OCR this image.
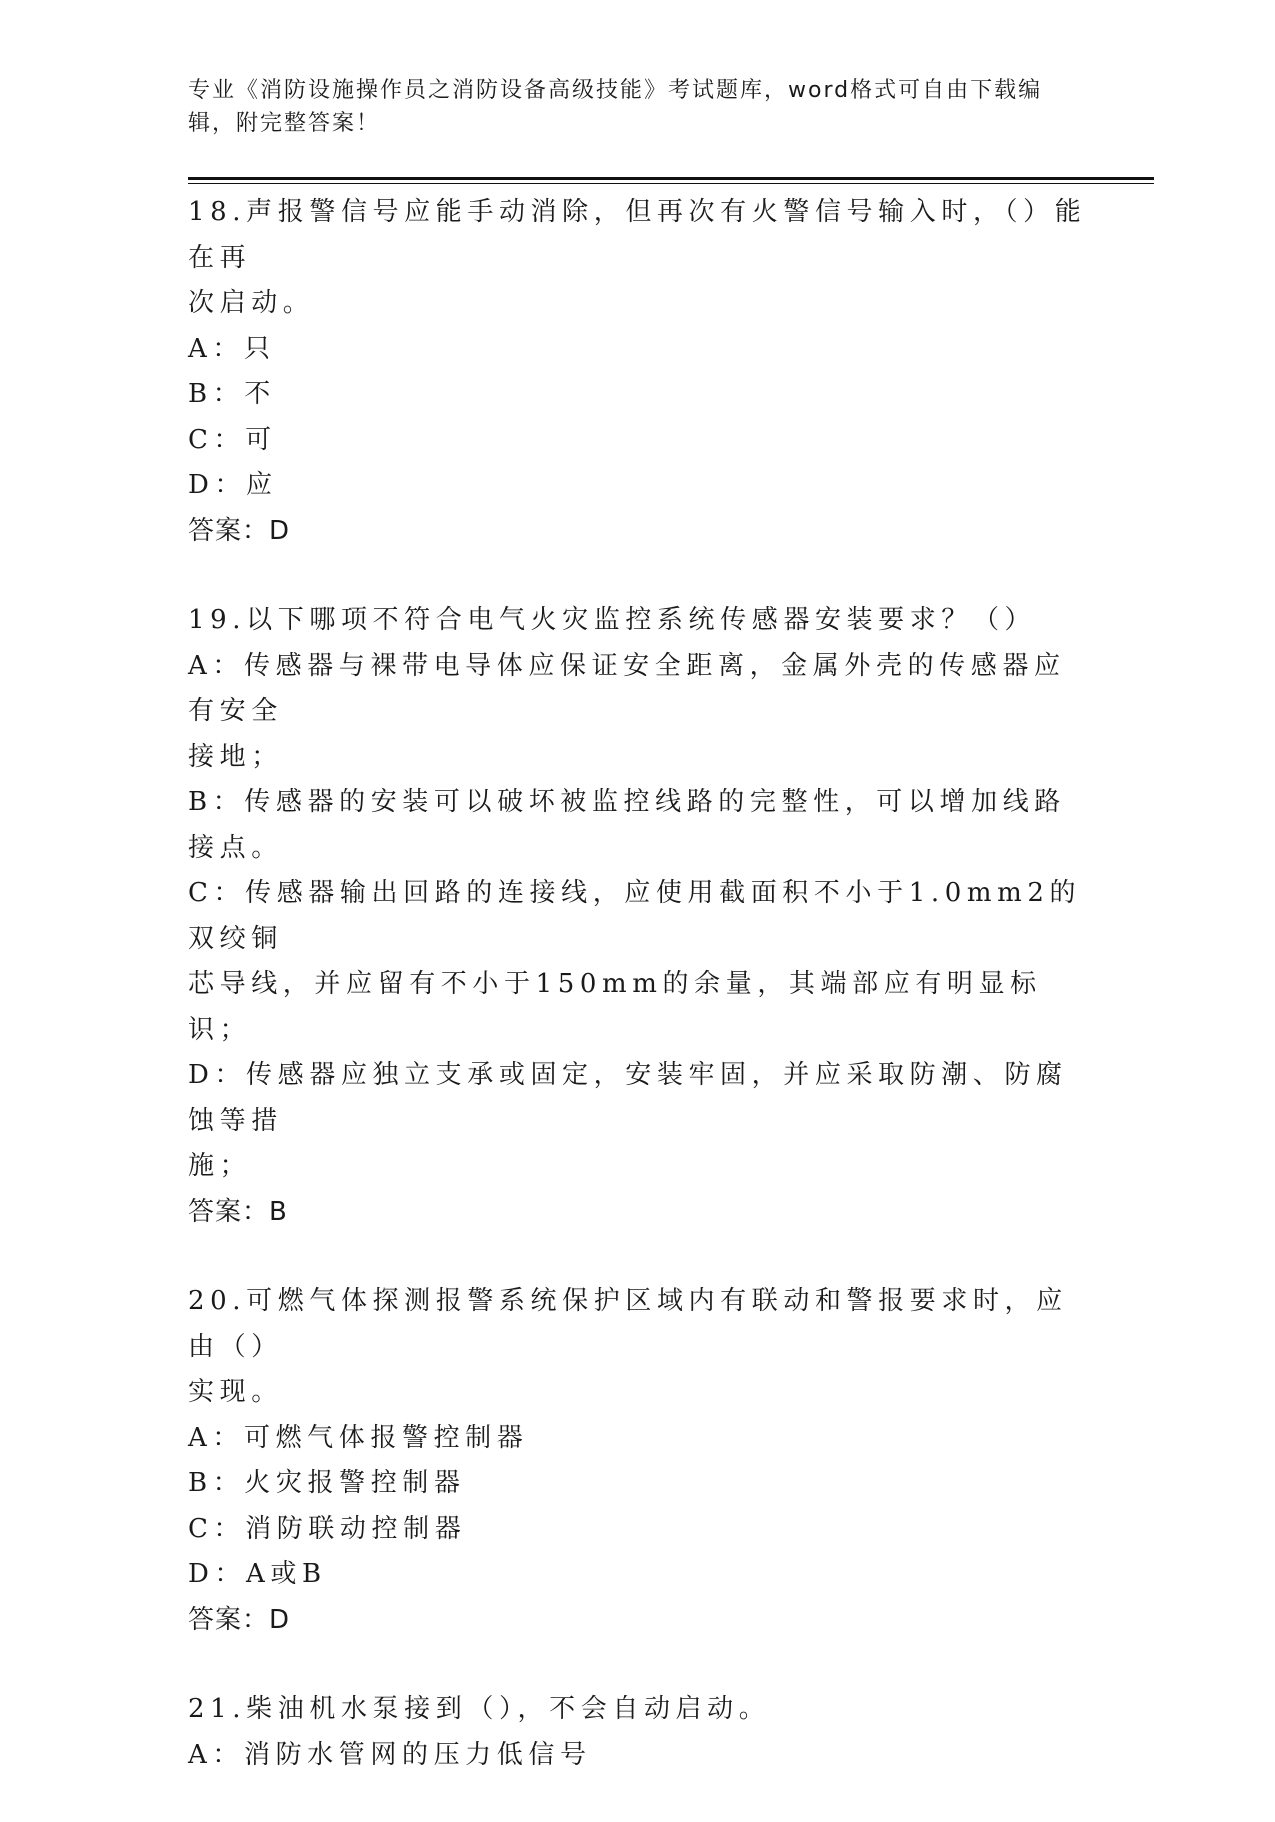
专业《消防设施操作员之消防设备高级技能》考试题库，word格式可自由下载编
辑，附完整答案！
18.声报警信号应能手动消除，但再次有火警信号输入时，（）能在再
次启动。
A：只
B：不
C：可
D：应
答案：D
19.以下哪项不符合电气火灾监控系统传感器安装要求？（）
A：传感器与裸带电导体应保证安全距离，金属外壳的传感器应有安全
接地；
B：传感器的安装可以破坏被监控线路的完整性，可以增加线路接点。
C：传感器输出回路的连接线，应使用截面积不小于1.0mm2的双绞铜
芯导线，并应留有不小于150mm的余量，其端部应有明显标识；
D：传感器应独立支承或固定，安装牢固，并应采取防潮、防腐蚀等措
施；
答案：B
20.可燃气体探测报警系统保护区域内有联动和警报要求时，应由（）
实现。
A：可燃气体报警控制器
B：火灾报警控制器
C：消防联动控制器
D：A或B
答案：D
21.柴油机水泵接到（），不会自动启动。
A：消防水管网的压力低信号
